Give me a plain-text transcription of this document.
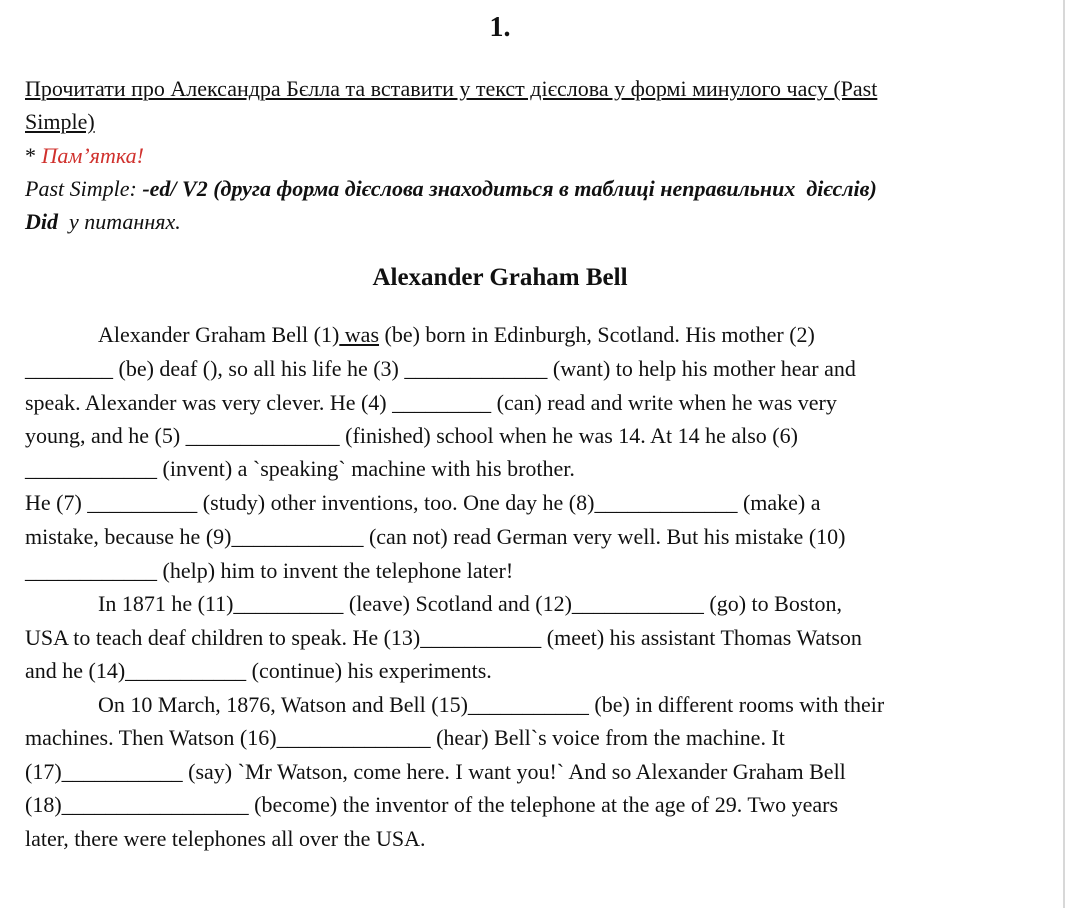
1.
Прочитати про Александра Бєлла та вставити у текст дієслова у формі минулого часу (Past
Simple)
* Пам’ятка!
Past Simple: -ed/ V2 (друга форма дієслова знаходиться в таблиці неправильних  дієслів)
Did  у питаннях.
Alexander Graham Bell
Alexander Graham Bell (1) was (be) born in Edinburgh, Scotland. His mother (2)
________ (be) deaf (), so all his life he (3) _____________ (want) to help his mother hear and
speak. Alexander was very clever. He (4) _________ (can) read and write when he was very
young, and he (5) ______________ (finished) school when he was 14. At 14 he also (6)
____________ (invent) a `speaking` machine with his brother.
He (7) __________ (study) other inventions, too. One day he (8)_____________ (make) a
mistake, because he (9)____________ (can not) read German very well. But his mistake (10)
____________ (help) him to invent the telephone later!
In 1871 he (11)__________ (leave) Scotland and (12)____________ (go) to Boston,
USA to teach deaf children to speak. He (13)___________ (meet) his assistant Thomas Watson
and he (14)___________ (continue) his experiments.
On 10 March, 1876, Watson and Bell (15)___________ (be) in different rooms with their
machines. Then Watson (16)______________ (hear) Bell`s voice from the machine. It
(17)___________ (say) `Mr Watson, come here. I want you!` And so Alexander Graham Bell
(18)_________________ (become) the inventor of the telephone at the age of 29. Two years
later, there were telephones all over the USA.
